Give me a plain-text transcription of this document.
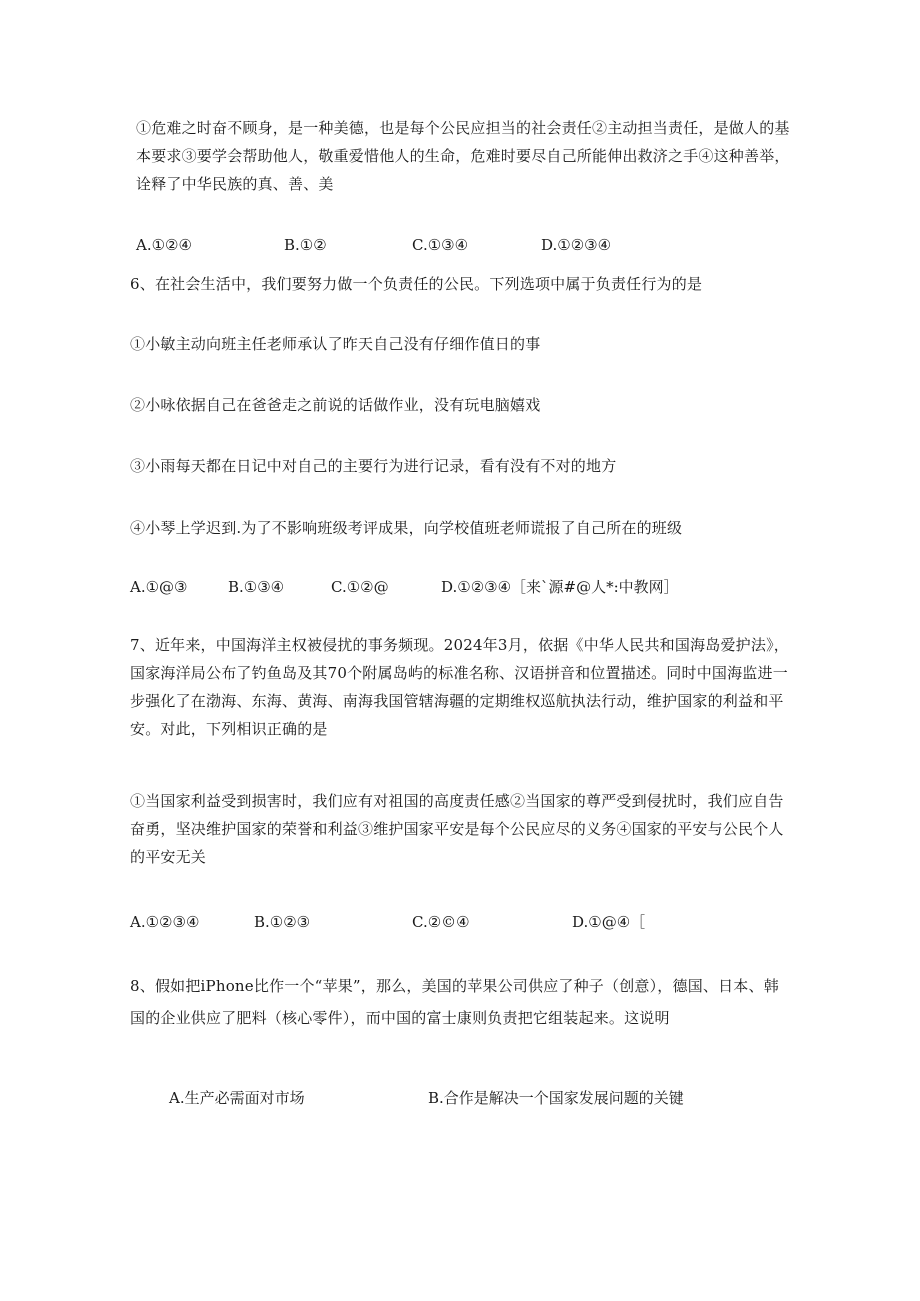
①危难之时奋不顾身，是一种美德，也是每个公民应担当的社会责任②主动担当责任，是做人的基本要求③要学会帮助他人，敬重爱惜他人的生命，危难时要尽自己所能伸出救济之手④这种善举，诠释了中华民族的真、善、美
A.①②④	B.①②	C.①③④	D.①②③④
6、在社会生活中，我们要努力做一个负责任的公民。下列选项中属于负责任行为的是
①小敏主动向班主任老师承认了昨天自己没有仔细作值日的事
②小咏依据自己在爸爸走之前说的话做作业，没有玩电脑嬉戏
③小雨每天都在日记中对自己的主要行为进行记录，看有没有不对的地方
④小琴上学迟到.为了不影响班级考评成果，向学校值班老师谎报了自己所在的班级
A.①@③	B.①③④	C.①②@	D.①②③④［来`源#@人*:中教网］
7、近年来，中国海洋主权被侵扰的事务频现。2024年3月，依据《中华人民共和国海岛爱护法》，国家海洋局公布了钓鱼岛及其70个附属岛屿的标准名称、汉语拼音和位置描述。同时中国海监进一步强化了在渤海、东海、黄海、南海我国管辖海疆的定期维权巡航执法行动，维护国家的利益和平安。对此，下列相识正确的是
①当国家利益受到损害时，我们应有对祖国的高度责任感②当国家的尊严受到侵扰时，我们应自告奋勇，坚决维护国家的荣誉和利益③维护国家平安是每个公民应尽的义务④国家的平安与公民个人的平安无关
A.①②③④	B.①②③	C.②©④	D.①@④［
8、假如把iPhone比作一个“苹果”，那么，美国的苹果公司供应了种子（创意），德国、日本、韩国的企业供应了肥料（核心零件），而中国的富士康则负责把它组装起来。这说明
A.生产必需面对市场	B.合作是解决一个国家发展问题的关键
